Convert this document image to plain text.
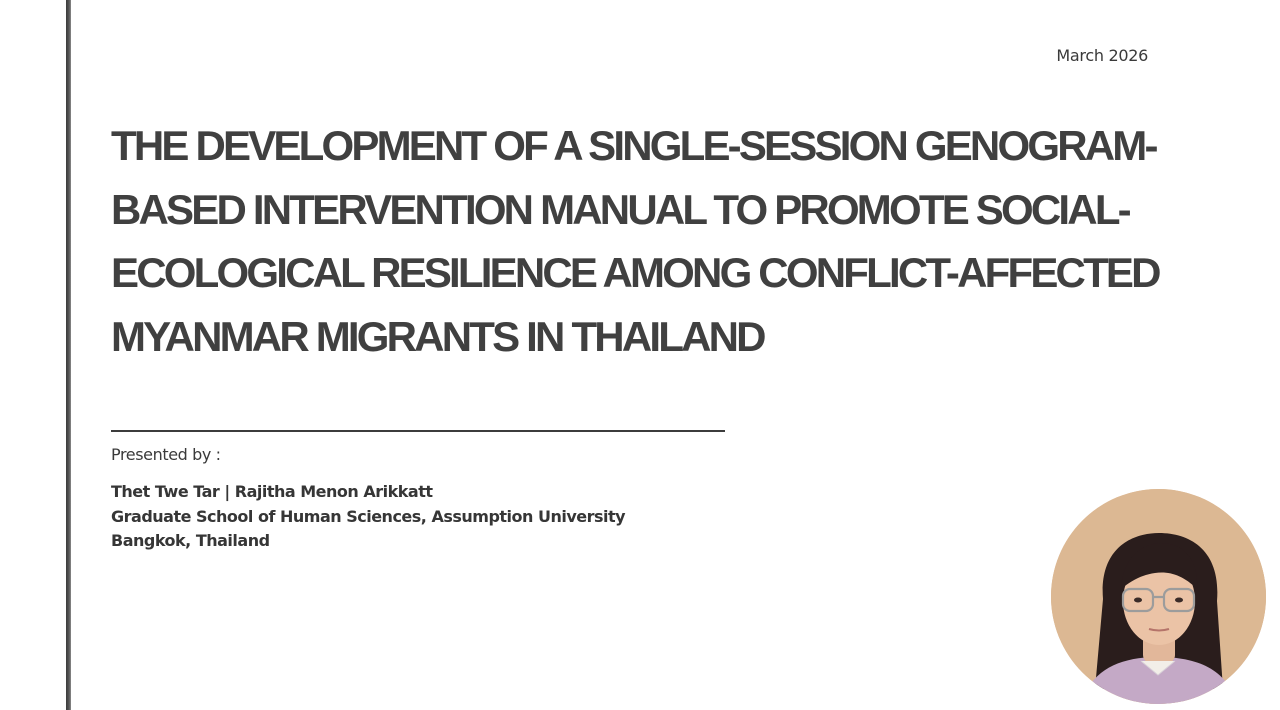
March 2026
THE DEVELOPMENT OF A SINGLE-SESSION GENOGRAM-
BASED INTERVENTION MANUAL TO PROMOTE SOCIAL-
ECOLOGICAL RESILIENCE AMONG CONFLICT-AFFECTED
MYANMAR MIGRANTS IN THAILAND
Presented by :
Thet Twe Tar | Rajitha Menon Arikkatt
Graduate School of Human Sciences, Assumption University
Bangkok, Thailand
